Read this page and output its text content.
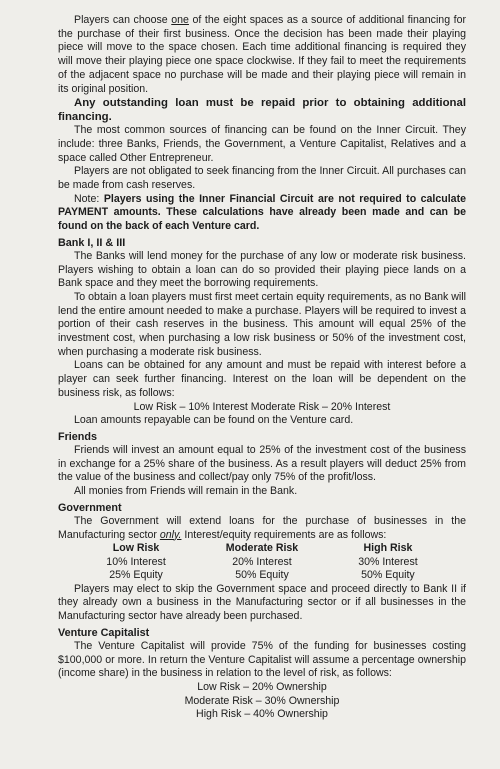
Players can choose one of the eight spaces as a source of additional financing for the purchase of their first business. Once the decision has been made their playing piece will move to the space chosen. Each time additional financing is required they will move their playing piece one space clockwise. If they fail to meet the requirements of the adjacent space no purchase will be made and their playing piece will remain in its original position.

Any outstanding loan must be repaid prior to obtaining additional financing.

The most common sources of financing can be found on the Inner Circuit. They include: three Banks, Friends, the Government, a Venture Capitalist, Relatives and a space called Other Entrepreneur.

Players are not obligated to seek financing from the Inner Circuit. All purchases can be made from cash reserves.

Note: Players using the Inner Financial Circuit are not required to calculate PAYMENT amounts. These calculations have already been made and can be found on the back of each Venture card.

Bank I, II & III

The Banks will lend money for the purchase of any low or moderate risk business. Players wishing to obtain a loan can do so provided their playing piece lands on a Bank space and they meet the borrowing requirements.

To obtain a loan players must first meet certain equity requirements, as no Bank will lend the entire amount needed to make a purchase. Players will be required to invest a portion of their cash reserves in the business. This amount will equal 25% of the investment cost, when purchasing a low risk business or 50% of the investment cost, when purchasing a moderate risk business.

Loans can be obtained for any amount and must be repaid with interest before a player can seek further financing. Interest on the loan will be dependent on the business risk, as follows:

Low Risk – 10% Interest Moderate Risk – 20% Interest

Loan amounts repayable can be found on the Venture card.

Friends

Friends will invest an amount equal to 25% of the investment cost of the business in exchange for a 25% share of the business. As a result players will deduct 25% from the value of the business and collect/pay only 75% of the profit/loss.

All monies from Friends will remain in the Bank.

Government

The Government will extend loans for the purchase of businesses in the Manufacturing sector only. Interest/equity requirements are as follows:

Low Risk	Moderate Risk	High Risk
10% Interest	20% Interest	30% Interest
25% Equity	50% Equity	50% Equity

Players may elect to skip the Government space and proceed directly to Bank II if they already own a business in the Manufacturing sector or if all businesses in the Manufacturing sector have already been purchased.

Venture Capitalist

The Venture Capitalist will provide 75% of the funding for businesses costing $100,000 or more. In return the Venture Capitalist will assume a percentage ownership (income share) in the business in relation to the level of risk, as follows:

Low Risk – 20% Ownership

Moderate Risk – 30% Ownership

High Risk – 40% Ownership
